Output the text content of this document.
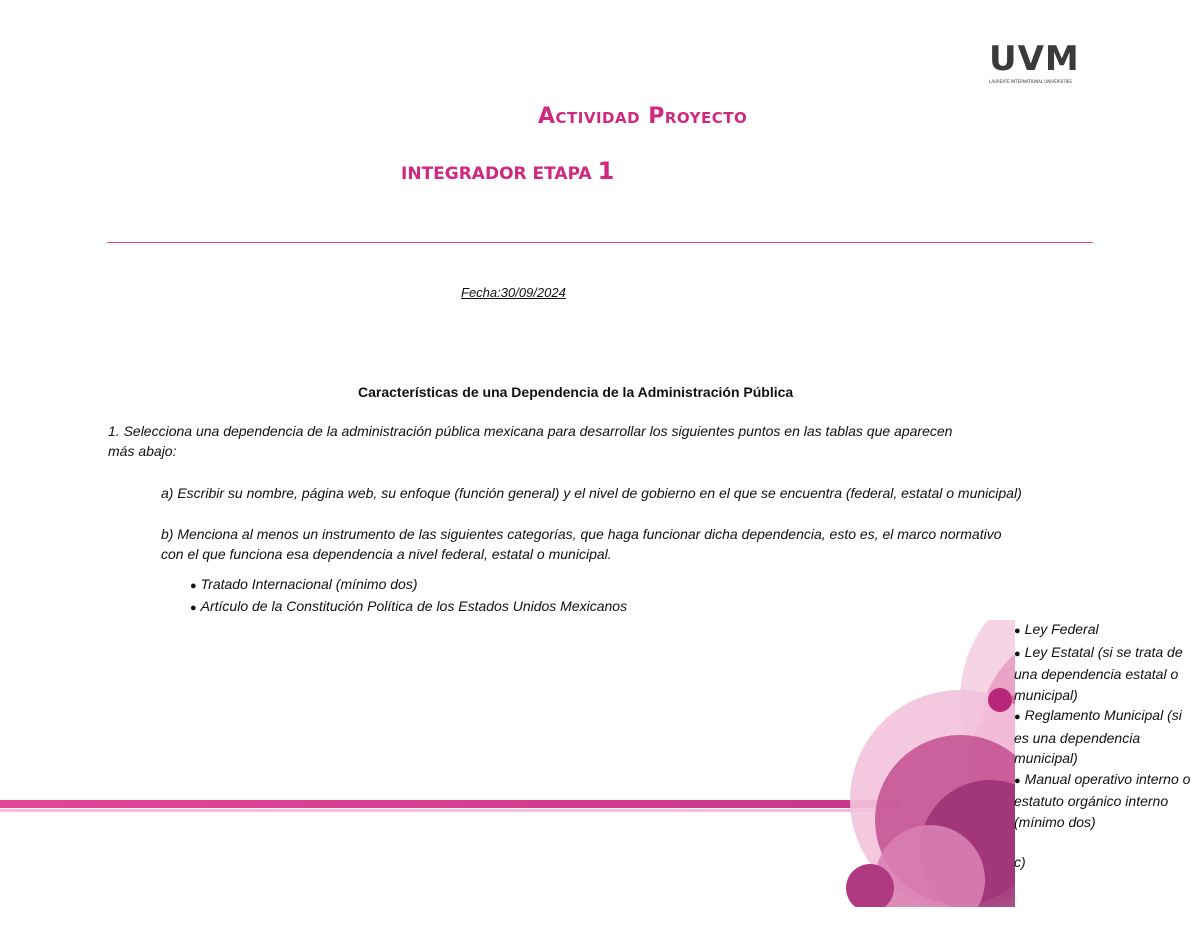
UVM
LAUREATE INTERNATIONAL UNIVERSITIES
Actividad Proyecto
INTEGRADOR ETAPA 1
Fecha:30/09/2024
Características de una Dependencia de la Administración Pública
1. Selecciona una dependencia de la administración pública mexicana para desarrollar los siguientes puntos en las tablas que aparecen más abajo:
a) Escribir su nombre, página web, su enfoque (función general) y el nivel de gobierno en el que se encuentra (federal, estatal o municipal)
b) Menciona al menos un instrumento de las siguientes categorías, que haga funcionar dicha dependencia, esto es, el marco normativo con el que funciona esa dependencia a nivel federal, estatal o municipal.
● Tratado Internacional (mínimo dos)
● Artículo de la Constitución Política de los Estados Unidos Mexicanos
● Ley Federal
● Ley Estatal (si se trata de una dependencia estatal o municipal)
● Reglamento Municipal (si es una dependencia municipal)
● Manual operativo interno o estatuto orgánico interno (mínimo dos)
c)
